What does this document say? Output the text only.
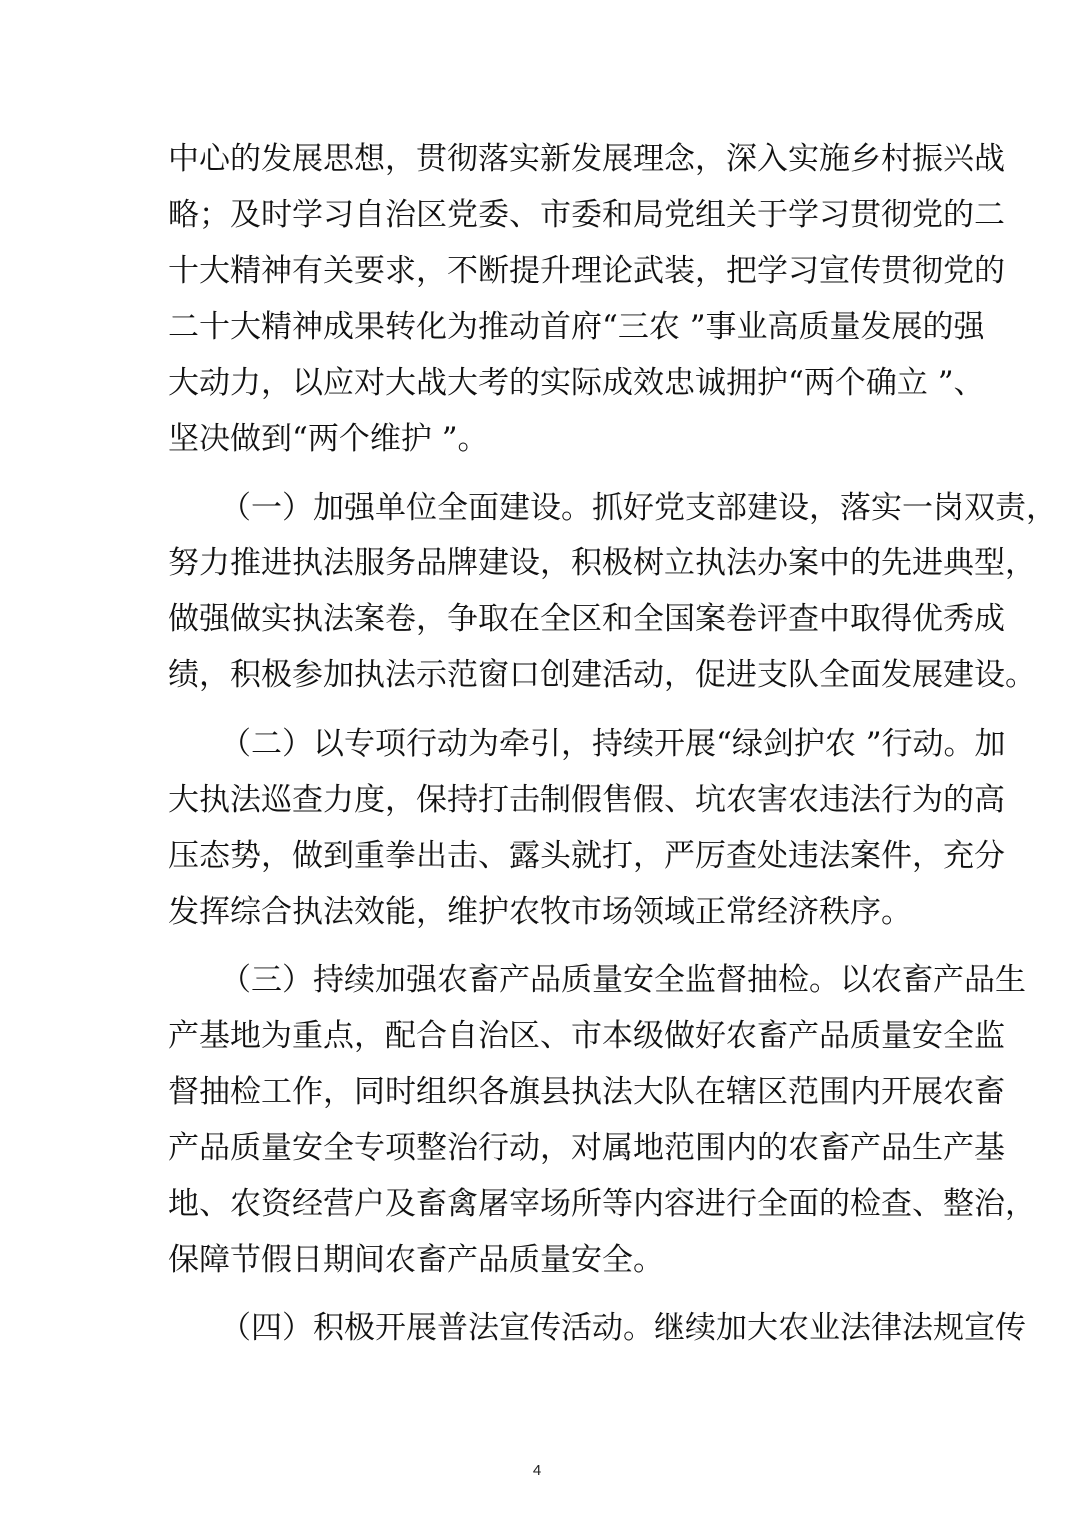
中心的发展思想，贯彻落实新发展理念，深入实施乡村振兴战
略；及时学习自治区党委、市委和局党组关于学习贯彻党的二
十大精神有关要求，不断提升理论武装，把学习宣传贯彻党的
二十大精神成果转化为推动首府“三农 ”事业高质量发展的强
大动力，以应对大战大考的实际成效忠诚拥护“两个确立 ”、
坚决做到“两个维护 ”。
（一）加强单位全面建设。抓好党支部建设，落实一岗双责，
努力推进执法服务品牌建设，积极树立执法办案中的先进典型，
做强做实执法案卷，争取在全区和全国案卷评查中取得优秀成
绩，积极参加执法示范窗口创建活动，促进支队全面发展建设。
（二）以专项行动为牵引，持续开展“绿剑护农 ”行动。加
大执法巡查力度，保持打击制假售假、坑农害农违法行为的高
压态势，做到重拳出击、露头就打，严厉查处违法案件，充分
发挥综合执法效能，维护农牧市场领域正常经济秩序。
（三）持续加强农畜产品质量安全监督抽检。以农畜产品生
产基地为重点，配合自治区、市本级做好农畜产品质量安全监
督抽检工作，同时组织各旗县执法大队在辖区范围内开展农畜
产品质量安全专项整治行动，对属地范围内的农畜产品生产基
地、农资经营户及畜禽屠宰场所等内容进行全面的检查、整治，
保障节假日期间农畜产品质量安全。
（四）积极开展普法宣传活动。继续加大农业法律法规宣传
4
